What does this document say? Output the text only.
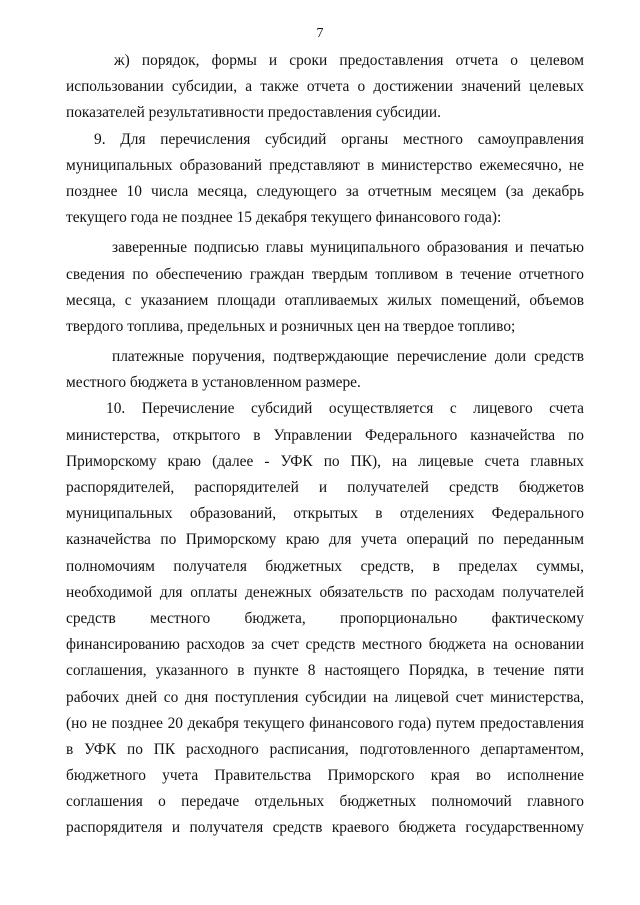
7
ж) порядок, формы и сроки предоставления отчета о целевом
использовании субсидии, а также отчета о достижении значений целевых
показателей результативности предоставления субсидии.
9. Для перечисления субсидий органы местного самоуправления
муниципальных образований представляют в министерство ежемесячно, не
позднее 10 числа месяца, следующего за отчетным месяцем (за декабрь
текущего года не позднее 15 декабря текущего финансового года):
заверенные подписью главы муниципального образования и печатью
сведения по обеспечению граждан твердым топливом в течение отчетного
месяца, с указанием площади отапливаемых жилых помещений, объемов
твердого топлива, предельных и розничных цен на твердое топливо;
платежные поручения, подтверждающие перечисление доли средств
местного бюджета в установленном размере.
10. Перечисление субсидий осуществляется с лицевого счета
министерства, открытого в Управлении Федерального казначейства по
Приморскому краю (далее - УФК по ПК), на лицевые счета главных
распорядителей, распорядителей и получателей средств бюджетов
муниципальных образований, открытых в отделениях Федерального
казначейства по Приморскому краю для учета операций по переданным
полномочиям получателя бюджетных средств, в пределах суммы,
необходимой для оплаты денежных обязательств по расходам получателей
средств местного бюджета, пропорционально фактическому
финансированию расходов за счет средств местного бюджета на основании
соглашения, указанного в пункте 8 настоящего Порядка, в течение пяти
рабочих дней со дня поступления субсидии на лицевой счет министерства,
(но не позднее 20 декабря текущего финансового года) путем предоставления
в УФК по ПК расходного расписания, подготовленного департаментом,
бюджетного учета Правительства Приморского края во исполнение
соглашения о передаче отдельных бюджетных полномочий главного
распорядителя и получателя средств краевого бюджета государственному
